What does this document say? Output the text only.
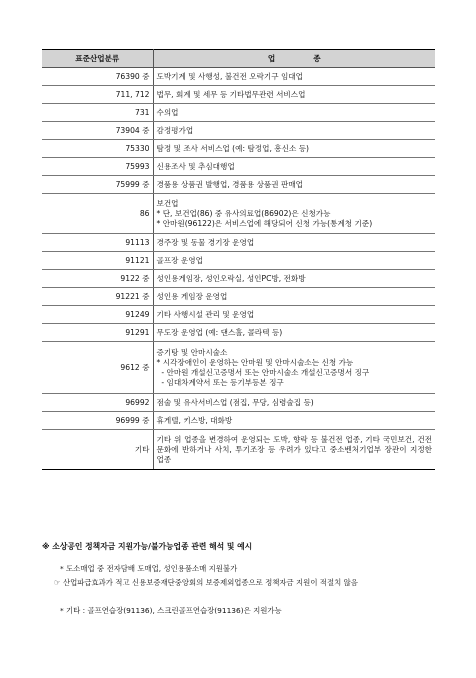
표준산업분류	업종
76390 중	도박기계 및 사행성, 불건전 오락기구 임대업

711, 712	법무, 회계 및 세무 등 기타법무관련 서비스업

731	수의업

73904 중	감정평가업

75330	탐정 및 조사 서비스업 (예: 탐정업, 흥신소 등)

75993	신용조사 및 추심대행업

75999 중	경품용 상품권 발행업, 경품용 상품권 판매업

86	보건업
* 단, 보건업(86) 중 유사의료업(86902)은 신청가능
* 안마원(96122)은 서비스업에 해당되어 신청 가능(통계청 기준)

91113	경주장 및 동물 경기장 운영업

91121	골프장 운영업

9122 중	성인용게임장, 성인오락실, 성인PC방, 전화방

91221 중	성인용 게임장 운영업

91249	기타 사행시설 관리 및 운영업

91291	무도장 운영업 (예: 댄스홀, 콜라텍 등)

9612 중	증기탕 및 안마시술소
* 시각장애인이 운영하는 안마원 및 안마시술소는 신청 가능
- 안마원 개설신고증명서 또는 안마시술소 개설신고증명서 징구
- 임대차계약서 또는 등기부등본 징구

96992	점술 및 유사서비스업 (점집, 무당, 심령술집 등)

96999 중	휴게텔, 키스방, 대화방

기타	기타 위 업종을 변경하여 운영되는 도박, 향락 등 불건전 업종, 기타 국민보건, 건전문화에 반하거나 사치, 투기조장 등 우려가 있다고 중소벤처기업부 장관이 지정한 업종
※ 소상공인 정책자금 지원가능/불가능업종 관련 해석 및 예시
* 도소매업 중 전자담배 도매업, 성인용품소매 지원불가
☞ 산업파급효과가 적고 신용보증재단중앙회의 보증제외업종으로 정책자금 지원이 적절치 않음
* 기타 : 골프연습장(91136), 스크린골프연습장(91136)은 지원가능
